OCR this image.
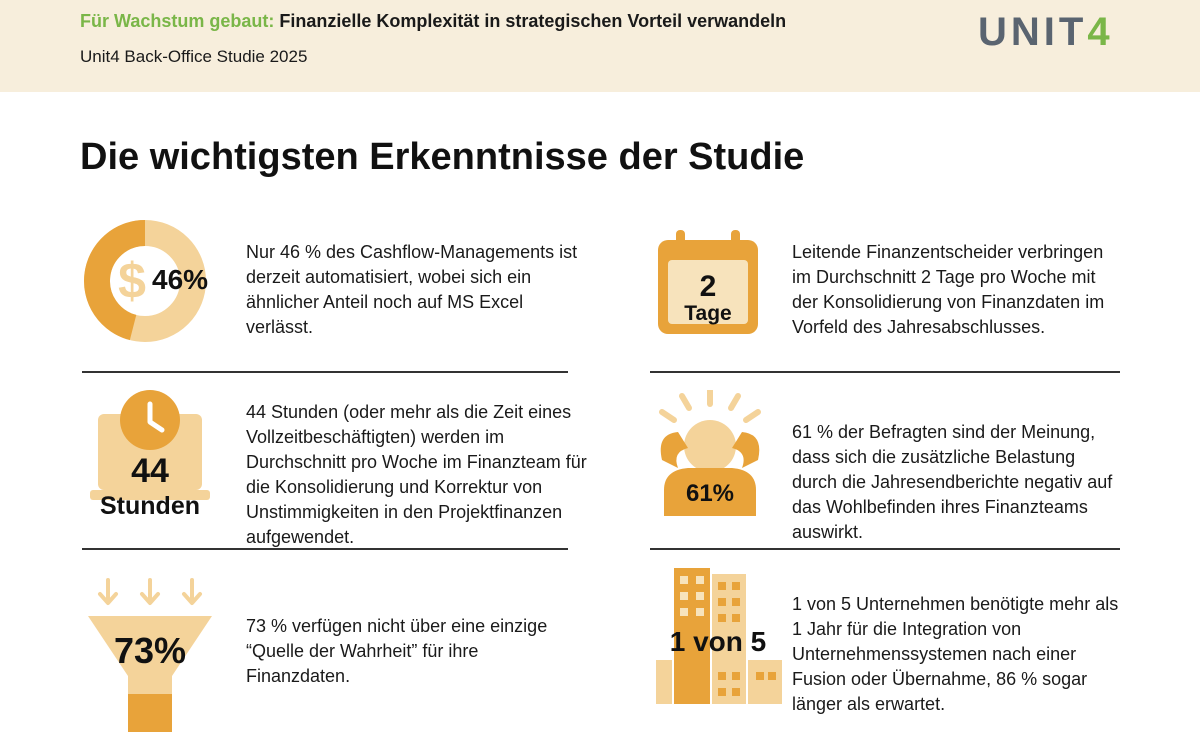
Für Wachstum gebaut: Finanzielle Komplexität in strategischen Vorteil verwandeln
Unit4 Back-Office Studie 2025
UNIT4
Die wichtigsten Erkenntnisse der Studie
$ 46%
Nur 46 % des Cashflow-Managements ist derzeit automatisiert, wobei sich ein ähnlicher Anteil noch auf MS Excel verlässt.
2
Tage
Leitende Finanzentscheider verbringen im Durchschnitt 2 Tage pro Woche mit der Konsolidierung von Finanzdaten im Vorfeld des Jahresabschlusses.
44
Stunden
44 Stunden (oder mehr als die Zeit eines Vollzeitbeschäftigten) werden im Durchschnitt pro Woche im Finanzteam für die Konsolidierung und Korrektur von Unstimmigkeiten in den Projektfinanzen aufgewendet.
61%
61 % der Befragten sind der Meinung, dass sich die zusätzliche Belastung durch die Jahresendberichte negativ auf das Wohlbefinden ihres Finanzteams auswirkt.
73%
73 % verfügen nicht über eine einzige “Quelle der Wahrheit” für ihre Finanzdaten.
1 von 5
1 von 5 Unternehmen benötigte mehr als 1 Jahr für die Integration von Unternehmenssystemen nach einer Fusion oder Übernahme, 86 % sogar länger als erwartet.
